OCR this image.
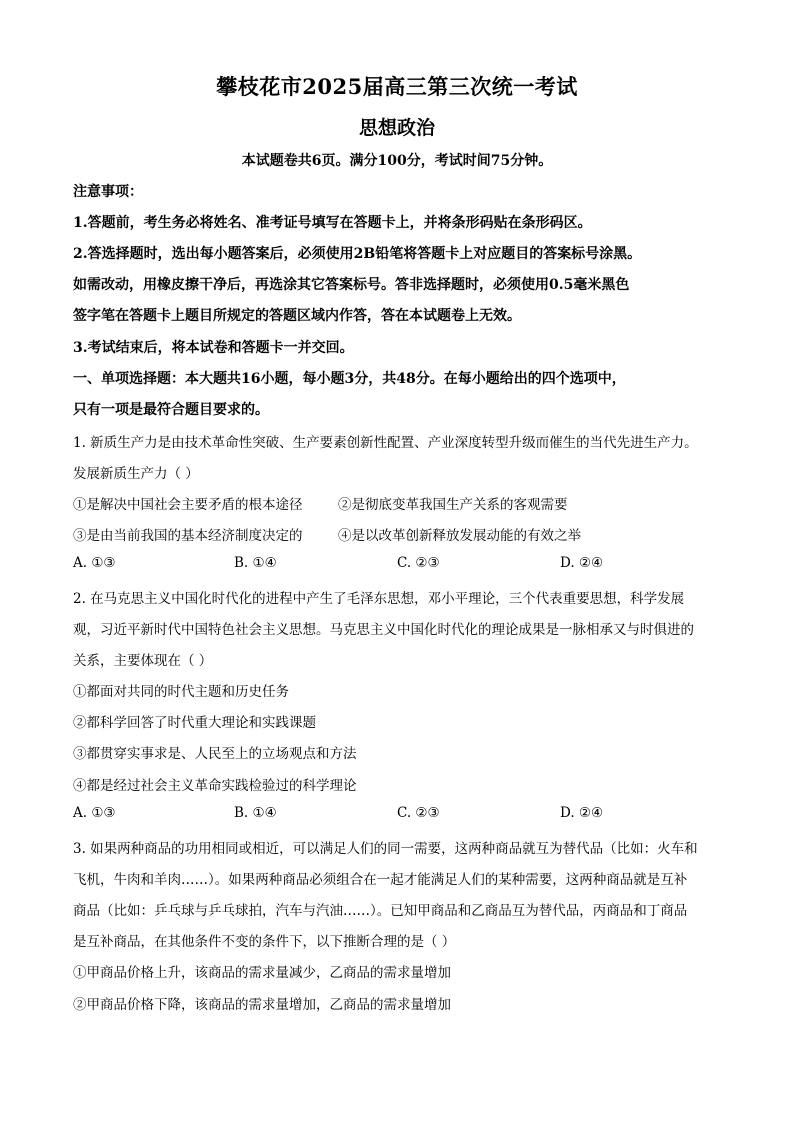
攀枝花市2025届高三第三次统一考试
思想政治
本试题卷共6页。满分100分，考试时间75分钟。
注意事项：
1.答题前，考生务必将姓名、准考证号填写在答题卡上，并将条形码贴在条形码区。
2.答选择题时，选出每小题答案后，必须使用2B铅笔将答题卡上对应题目的答案标号涂黑。
如需改动，用橡皮擦干净后，再选涂其它答案标号。答非选择题时，必须使用0.5毫米黑色
签字笔在答题卡上题目所规定的答题区域内作答，答在本试题卷上无效。
3.考试结束后，将本试卷和答题卡一并交回。
一、单项选择题：本大题共16小题，每小题3分，共48分。在每小题给出的四个选项中，
只有一项是最符合题目要求的。
1. 新质生产力是由技术革命性突破、生产要素创新性配置、产业深度转型升级而催生的当代先进生产力。
发展新质生产力（ ）
①是解决中国社会主要矛盾的根本途径	②是彻底变革我国生产关系的客观需要
③是由当前我国的基本经济制度决定的	④是以改革创新释放发展动能的有效之举
A. ①③	B. ①④	C. ②③	D. ②④
2. 在马克思主义中国化时代化的进程中产生了毛泽东思想，邓小平理论，三个代表重要思想，科学发展
观，习近平新时代中国特色社会主义思想。马克思主义中国化时代化的理论成果是一脉相承又与时俱进的
关系，主要体现在（ ）
①都面对共同的时代主题和历史任务
②都科学回答了时代重大理论和实践课题
③都贯穿实事求是、人民至上的立场观点和方法
④都是经过社会主义革命实践检验过的科学理论
A. ①③	B. ①④	C. ②③	D. ②④
3. 如果两种商品的功用相同或相近，可以满足人们的同一需要，这两种商品就互为替代品（比如：火车和
飞机，牛肉和羊肉……）。如果两种商品必须组合在一起才能满足人们的某种需要，这两种商品就是互补
商品（比如：乒乓球与乒乓球拍，汽车与汽油……）。已知甲商品和乙商品互为替代品，丙商品和丁商品
是互补商品，在其他条件不变的条件下，以下推断合理的是（ ）
①甲商品价格上升，该商品的需求量减少，乙商品的需求量增加
②甲商品价格下降，该商品的需求量增加，乙商品的需求量增加
